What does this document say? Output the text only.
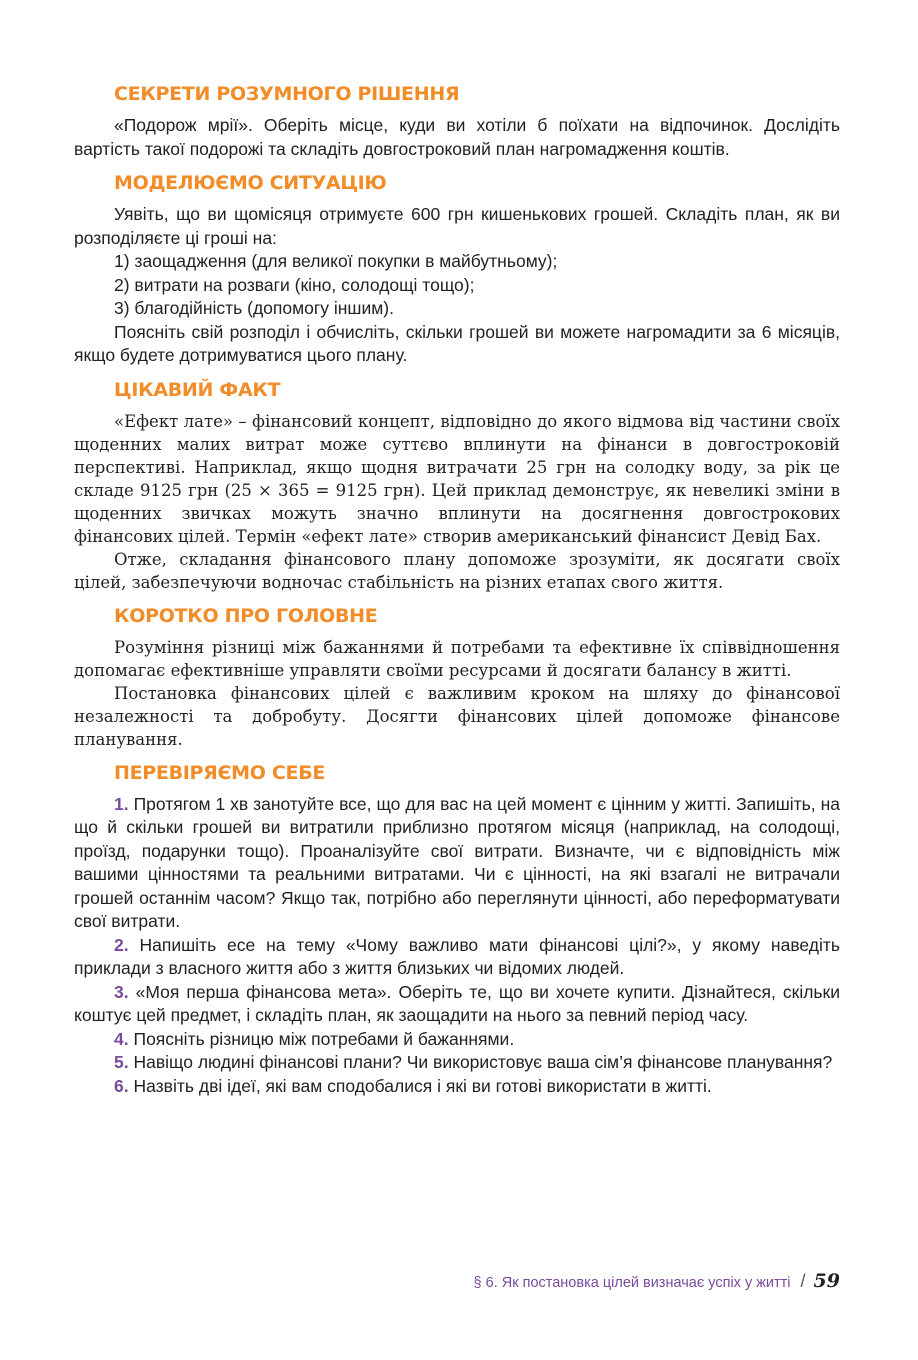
СЕКРЕТИ РОЗУМНОГО РІШЕННЯ

«Подорож мрії». Оберіть місце, куди ви хотіли б поїхати на відпочинок. Дослідіть вартість такої подорожі та складіть довгостроковий план нагромадження коштів.

МОДЕЛЮЄМО СИТУАЦІЮ

Уявіть, що ви щомісяця отримуєте 600 грн кишенькових грошей. Складіть план, як ви розподіляєте ці гроші на:

1) заощадження (для великої покупки в майбутньому);

2) витрати на розваги (кіно, солодощі тощо);

3) благодійність (допомогу іншим).

Поясніть свій розподіл і обчисліть, скільки грошей ви можете нагромадити за 6 місяців, якщо будете дотримуватися цього плану.

ЦІКАВИЙ ФАКТ

«Ефект лате» – фінансовий концепт, відповідно до якого відмова від частини своїх щоденних малих витрат може суттєво вплинути на фінанси в довгостроковій перспективі. Наприклад, якщо щодня витрачати 25 грн на солодку воду, за рік це складе 9125 грн (25 × 365 = 9125 грн). Цей приклад демонструє, як невеликі зміни в щоденних звичках можуть значно вплинути на досягнення довгострокових фінансових цілей. Термін «ефект лате» створив американський фінансист Девід Бах.

Отже, складання фінансового плану допоможе зрозуміти, як досягати своїх цілей, забезпечуючи водночас стабільність на різних етапах свого життя.

КОРОТКО ПРО ГОЛОВНЕ

Розуміння різниці між бажаннями й потребами та ефективне їх співвідношення допомагає ефективніше управляти своїми ресурсами й досягати балансу в житті.

Постановка фінансових цілей є важливим кроком на шляху до фінансової незалежності та добробуту. Досягти фінансових цілей допоможе фінансове планування.

ПЕРЕВІРЯЄМО СЕБЕ

1. Протягом 1 хв занотуйте все, що для вас на цей момент є цінним у житті. Запишіть, на що й скільки грошей ви витратили приблизно протягом місяця (наприклад, на солодощі, проїзд, подарунки тощо). Проаналізуйте свої витрати. Визначте, чи є відповідність між вашими цінностями та реальними витратами. Чи є цінності, на які взагалі не витрачали грошей останнім часом? Якщо так, потрібно або переглянути цінності, або переформатувати свої витрати.

2. Напишіть есе на тему «Чому важливо мати фінансові цілі?», у якому наведіть приклади з власного життя або з життя близьких чи відомих людей.

3. «Моя перша фінансова мета». Оберіть те, що ви хочете купити. Дізнайтеся, скільки коштує цей предмет, і складіть план, як заощадити на нього за певний період часу.

4. Поясніть різницю між потребами й бажаннями.

5. Навіщо людині фінансові плани? Чи використовує ваша сім’я фінансове планування?

6. Назвіть дві ідеї, які вам сподобалися і які ви готові використати в житті.

§ 6. Як постановка цілей визначає успіх у житті / 59
